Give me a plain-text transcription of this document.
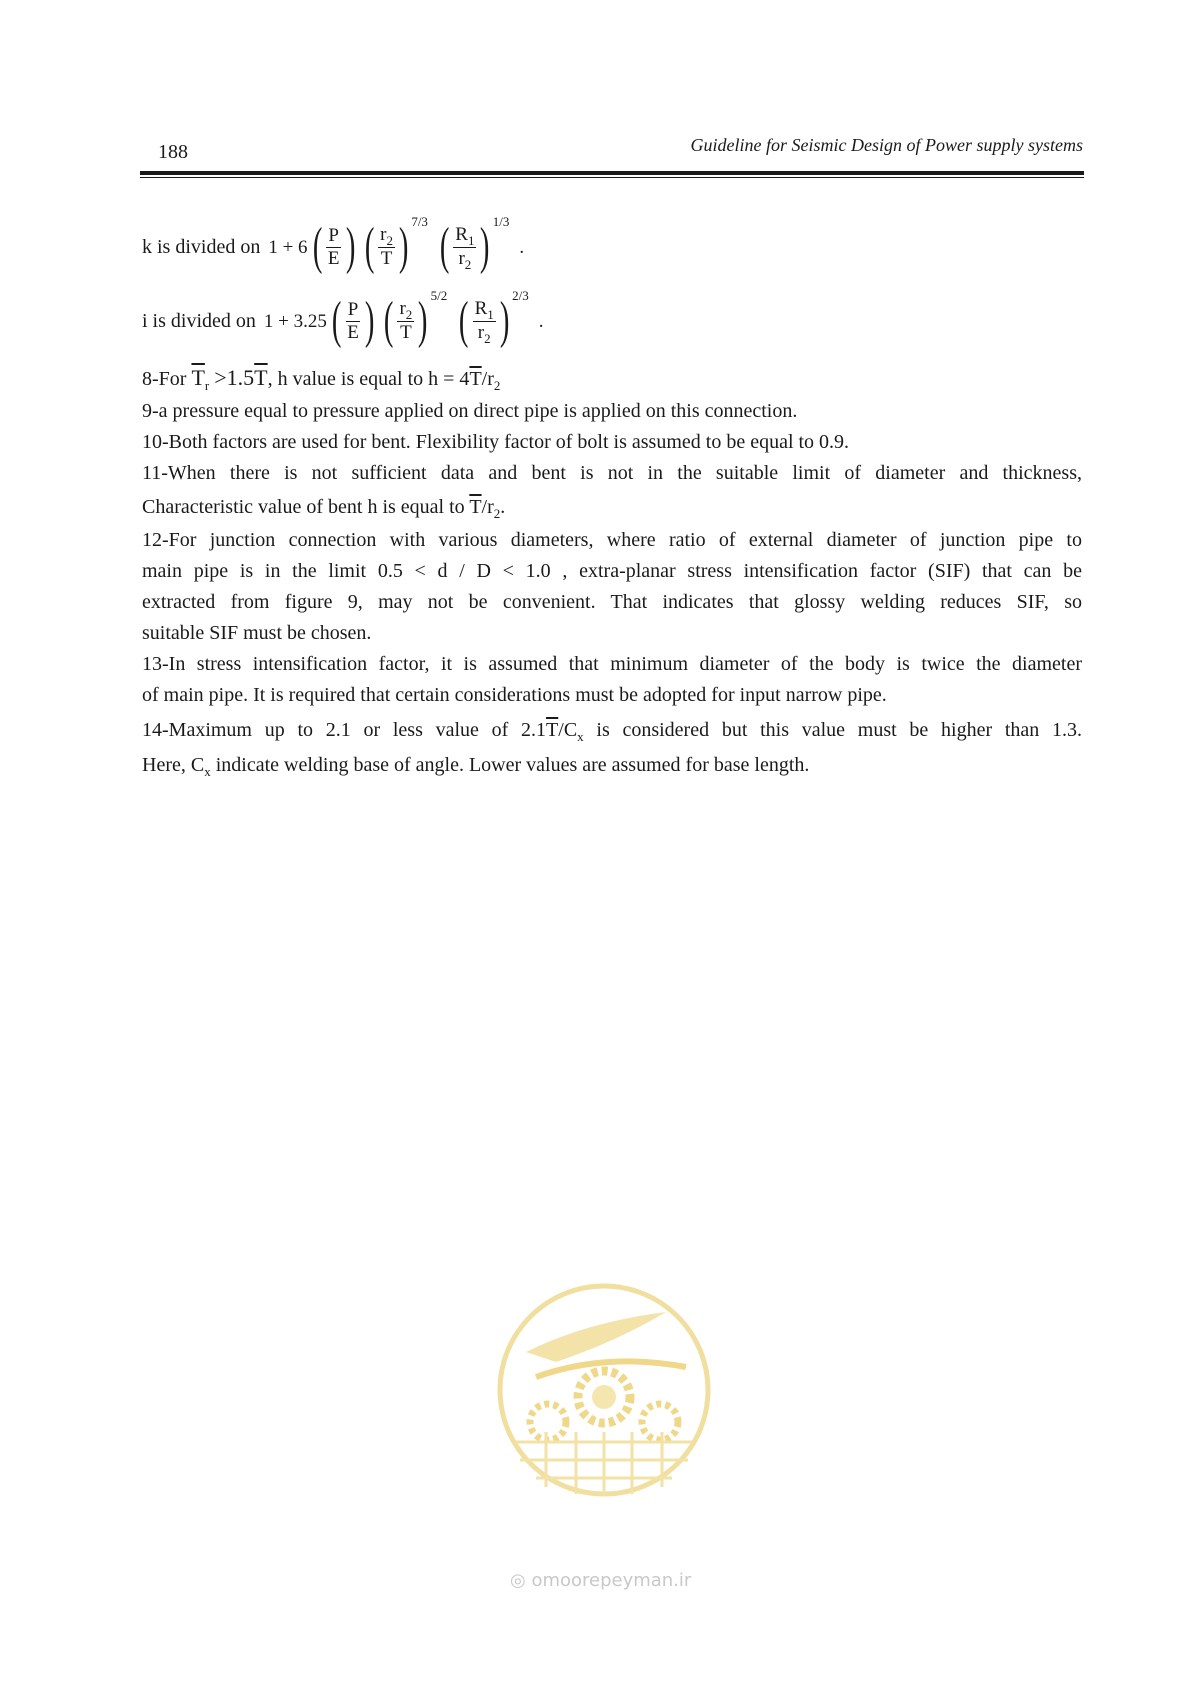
188	Guideline for Seismic Design of Power supply systems
k is divided on 1 + 6 ( $\frac{P}{E}$ ) ( $\frac{r_2}{T}$ ) 7/3 ( $\frac{R_1}{r_2}$ ) 1/3
.
i is divided on 1 + 3.25 ( $\frac{P}{E}$ ) ( $\frac{r_2}{T}$ ) 5/2 ( $\frac{R_1}{r_2}$ ) 2/3
.
8-For $\overline{T}_r >1.5\overline{T}$, h value is equal to $h = 4\overline{T}/r_2$

9-a pressure equal to pressure applied on direct pipe is applied on this connection.

10-Both factors are used for bent. Flexibility factor of bolt is assumed to be equal to 0.9.

11-When there is not sufficient data and bent is not in the suitable limit of diameter and thickness,

Characteristic value of bent h is equal to $\overline{T}/r_2$.

12-For junction connection with various diameters, where ratio of external diameter of junction pipe to

main pipe is in the limit 0.5 < d / D < 1.0 , extra-planar stress intensification factor (SIF) that can be

extracted from figure 9, may not be convenient. That indicates that glossy welding reduces SIF, so

suitable SIF must be chosen.

13-In stress intensification factor, it is assumed that minimum diameter of the body is twice the diameter

of main pipe. It is required that certain considerations must be adopted for input narrow pipe.

14-Maximum up to 2.1 or less value of $2.1\overline{T}/C_x$ is considered but this value must be higher than 1.3.
Here, $C_x$ indicate welding base of angle. Lower values are assumed for base length.
◎ omoorepeyman.ir
